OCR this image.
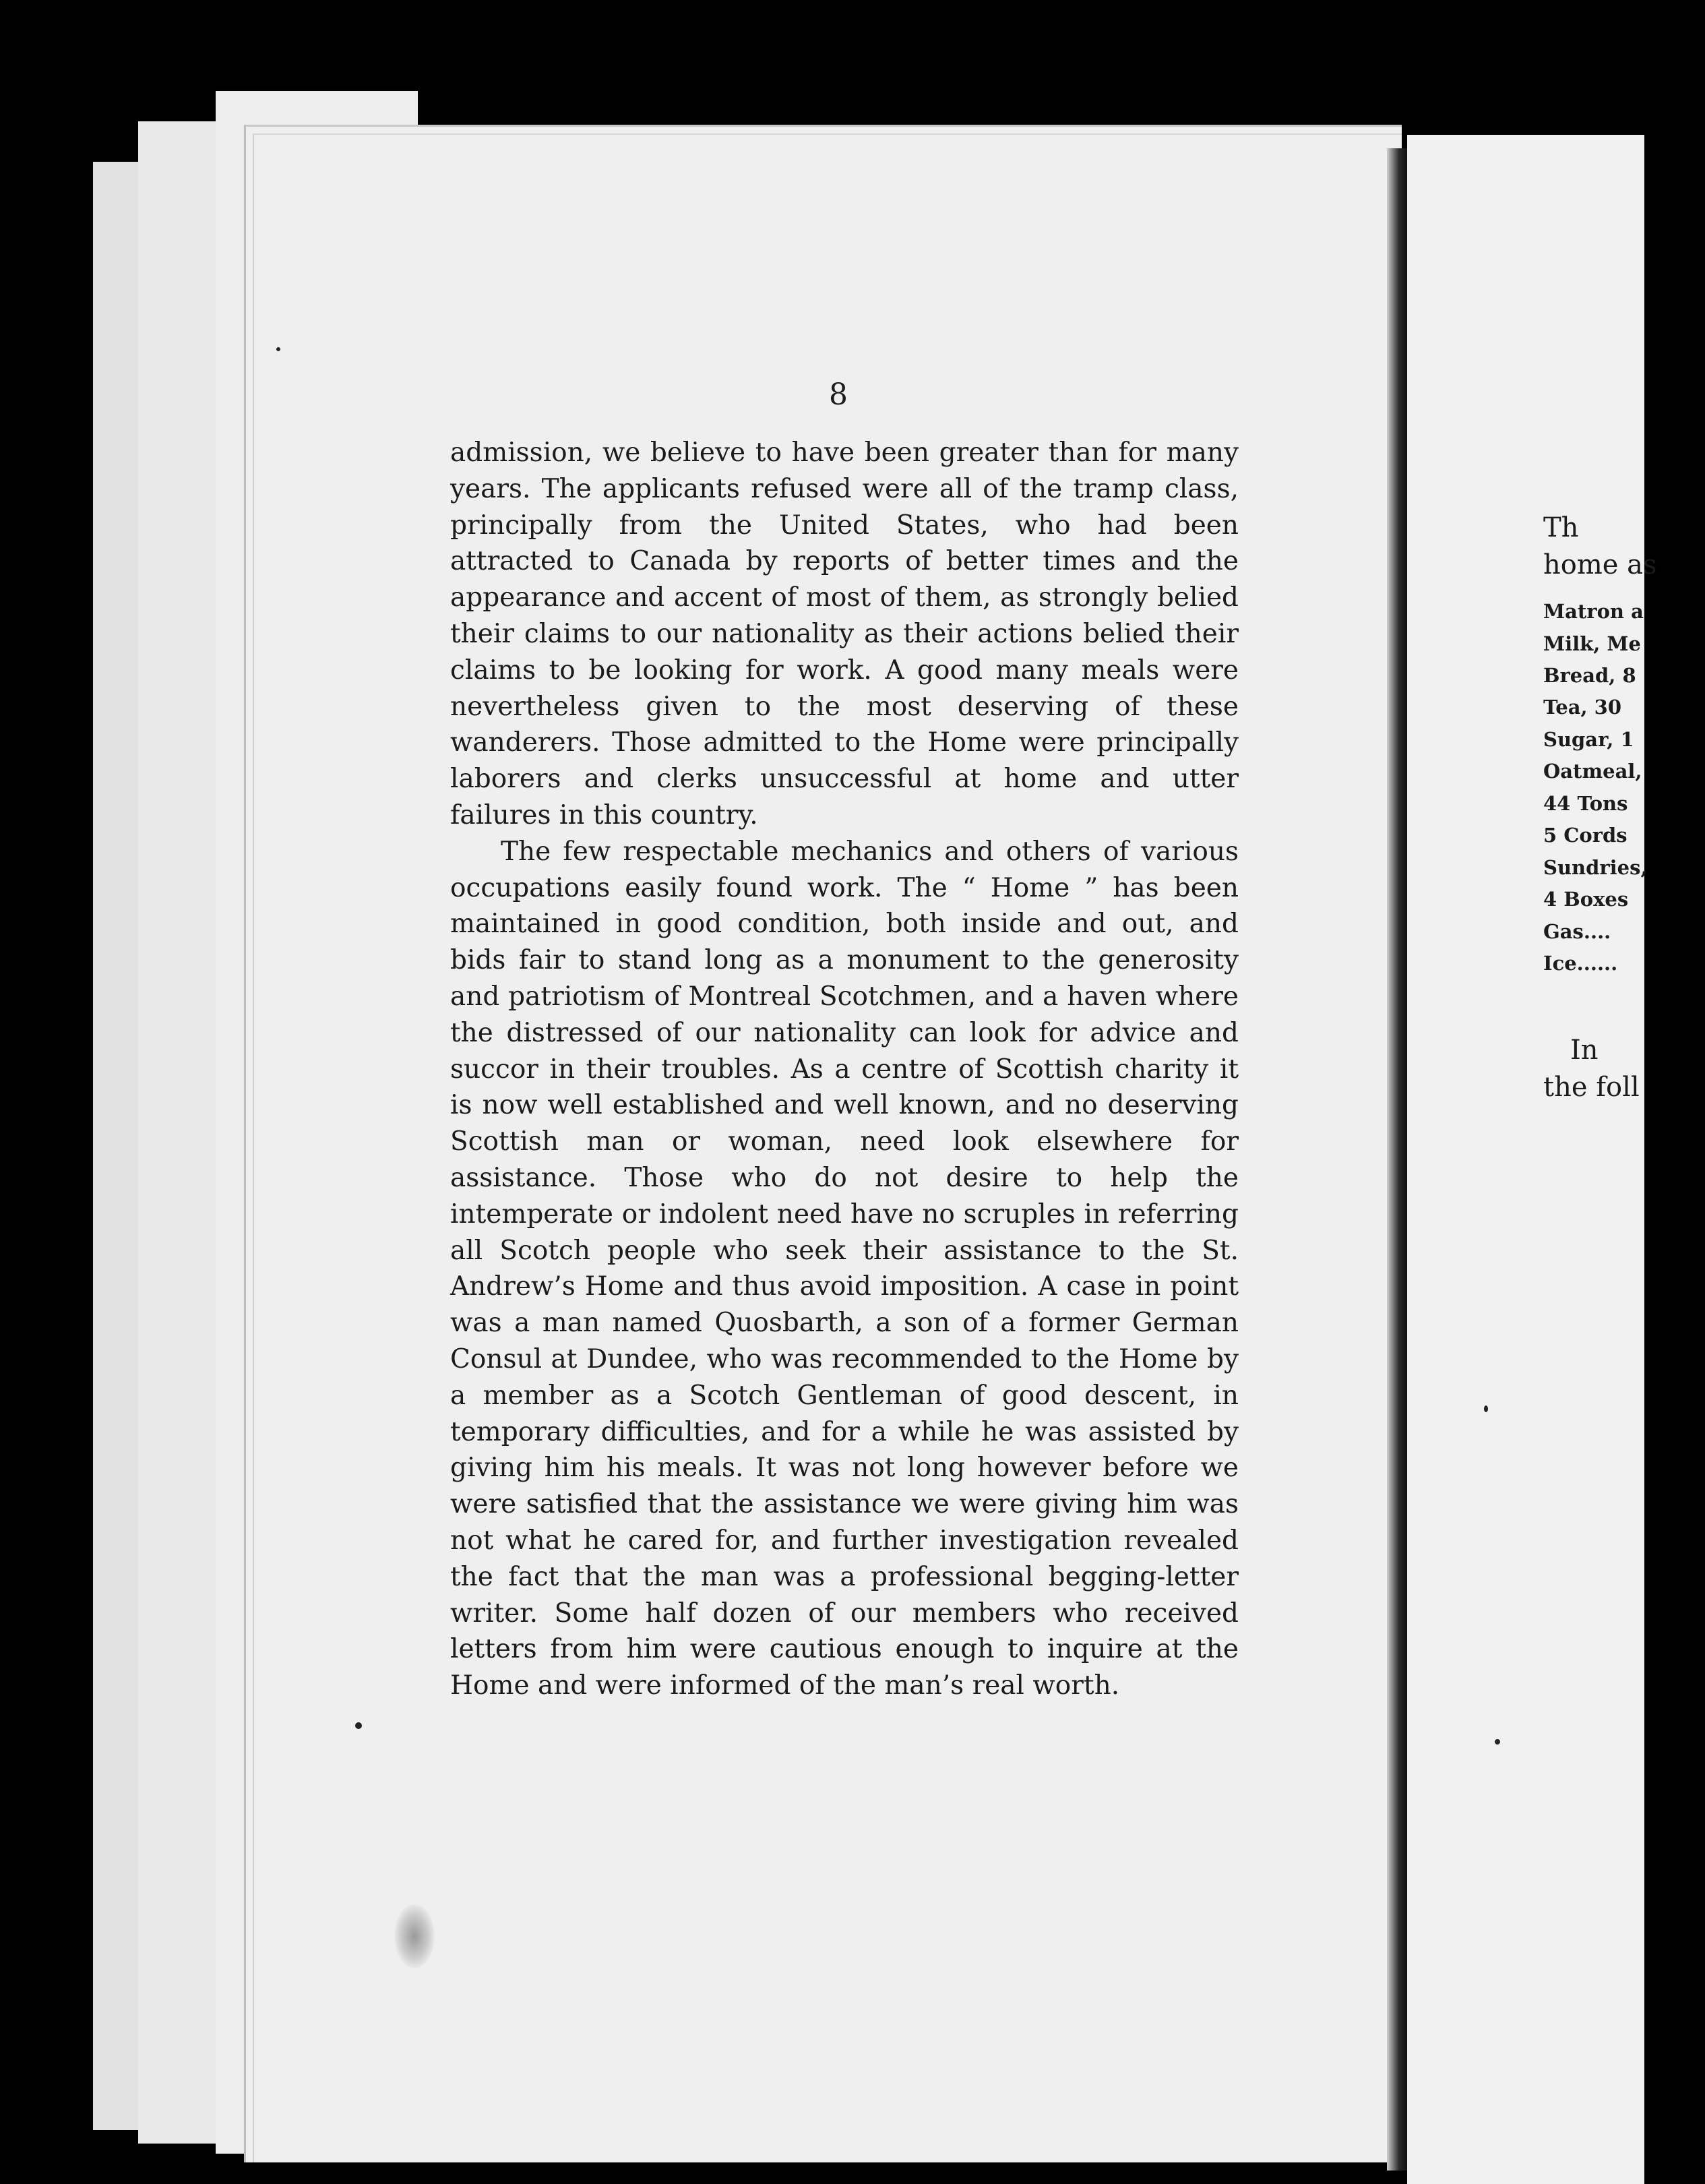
8

admission, we believe to have been greater than for many years. The applicants refused were all of the tramp class, principally from the United States, who had been attracted to Canada by reports of better times and the appearance and accent of most of them, as strongly belied their claims to our nationality as their actions belied their claims to be looking for work. A good many meals were nevertheless given to the most deserving of these wanderers. Those admitted to the Home were principally laborers and clerks unsuccessful at home and utter failures in this country.

The few respectable mechanics and others of various occupations easily found work. The “ Home ” has been maintained in good condition, both inside and out, and bids fair to stand long as a monument to the generosity and patriotism of Montreal Scotchmen, and a haven where the distressed of our nationality can look for advice and succor in their troubles. As a centre of Scottish charity it is now well established and well known, and no deserving Scottish man or woman, need look elsewhere for assistance. Those who do not desire to help the intemperate or indolent need have no scruples in referring all Scotch people who seek their assistance to the St. Andrew’s Home and thus avoid imposition. A case in point was a man named Quosbarth, a son of a former German Consul at Dundee, who was recommended to the Home by a member as a Scotch Gentleman of good descent, in temporary difficulties, and for a while he was assisted by giving him his meals. It was not long however before we were satisfied that the assistance we were giving him was not what he cared for, and further investigation revealed the fact that the man was a professional begging-letter writer. Some half dozen of our members who received letters from him were cautious enough to inquire at the Home and were informed of the man’s real worth.

Th
home as
Matron a
Milk, Me
Bread, 8
Tea, 30
Sugar, 1
Oatmeal,
44 Tons
5 Cords
Sundries,
4 Boxes
Gas....
Ice......
In
the foll
